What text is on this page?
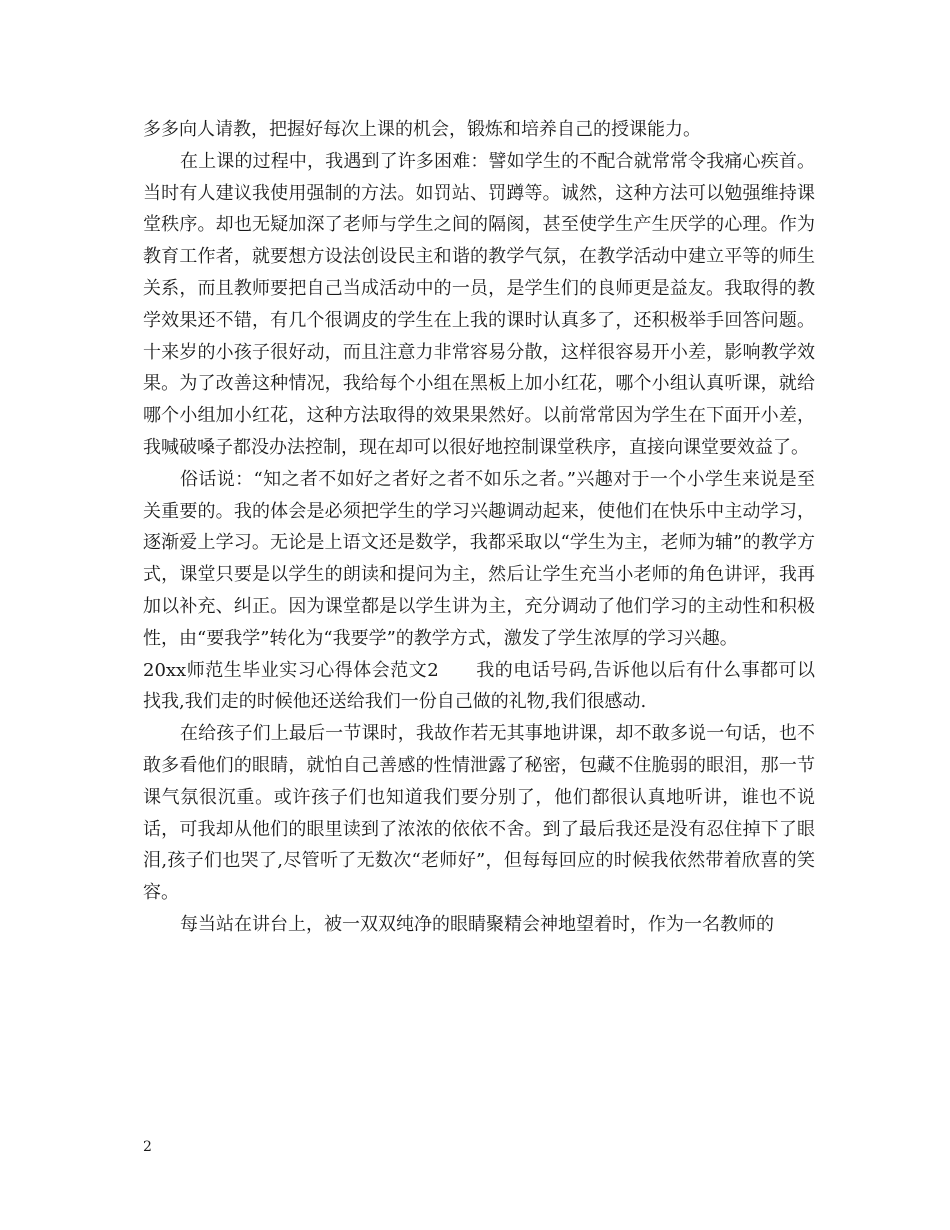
多多向人请教，把握好每次上课的机会，锻炼和培养自己的授课能力。

在上课的过程中，我遇到了许多困难：譬如学生的不配合就常常令我痛心疾首。当时有人建议我使用强制的方法。如罚站、罚蹲等。诚然，这种方法可以勉强维持课堂秩序。却也无疑加深了老师与学生之间的隔阂，甚至使学生产生厌学的心理。作为教育工作者，就要想方设法创设民主和谐的教学气氛，在教学活动中建立平等的师生关系，而且教师要把自己当成活动中的一员，是学生们的良师更是益友。我取得的教学效果还不错，有几个很调皮的学生在上我的课时认真多了，还积极举手回答问题。十来岁的小孩子很好动，而且注意力非常容易分散，这样很容易开小差，影响教学效果。为了改善这种情况，我给每个小组在黑板上加小红花，哪个小组认真听课，就给哪个小组加小红花，这种方法取得的效果果然好。以前常常因为学生在下面开小差，我喊破嗓子都没办法控制，现在却可以很好地控制课堂秩序，直接向课堂要效益了。

俗话说：“知之者不如好之者好之者不如乐之者。”兴趣对于一个小学生来说是至关重要的。我的体会是必须把学生的学习兴趣调动起来，使他们在快乐中主动学习，逐渐爱上学习。无论是上语文还是数学，我都采取以“学生为主，老师为辅”的教学方式，课堂只要是以学生的朗读和提问为主，然后让学生充当小老师的角色讲评，我再加以补充、纠正。因为课堂都是以学生讲为主，充分调动了他们学习的主动性和积极性，由“要我学”转化为“我要学”的教学方式，激发了学生浓厚的学习兴趣。

20xx师范生毕业实习心得体会范文2　　我的电话号码,告诉他以后有什么事都可以找我,我们走的时候他还送给我们一份自己做的礼物,我们很感动.

在给孩子们上最后一节课时，我故作若无其事地讲课，却不敢多说一句话，也不敢多看他们的眼睛，就怕自己善感的性情泄露了秘密，包藏不住脆弱的眼泪，那一节课气氛很沉重。或许孩子们也知道我们要分别了，他们都很认真地听讲，谁也不说话，可我却从他们的眼里读到了浓浓的依依不舍。到了最后我还是没有忍住掉下了眼泪,孩子们也哭了,尽管听了无数次“老师好”，但每每回应的时候我依然带着欣喜的笑容。

每当站在讲台上，被一双双纯净的眼睛聚精会神地望着时，作为一名教师的

2
